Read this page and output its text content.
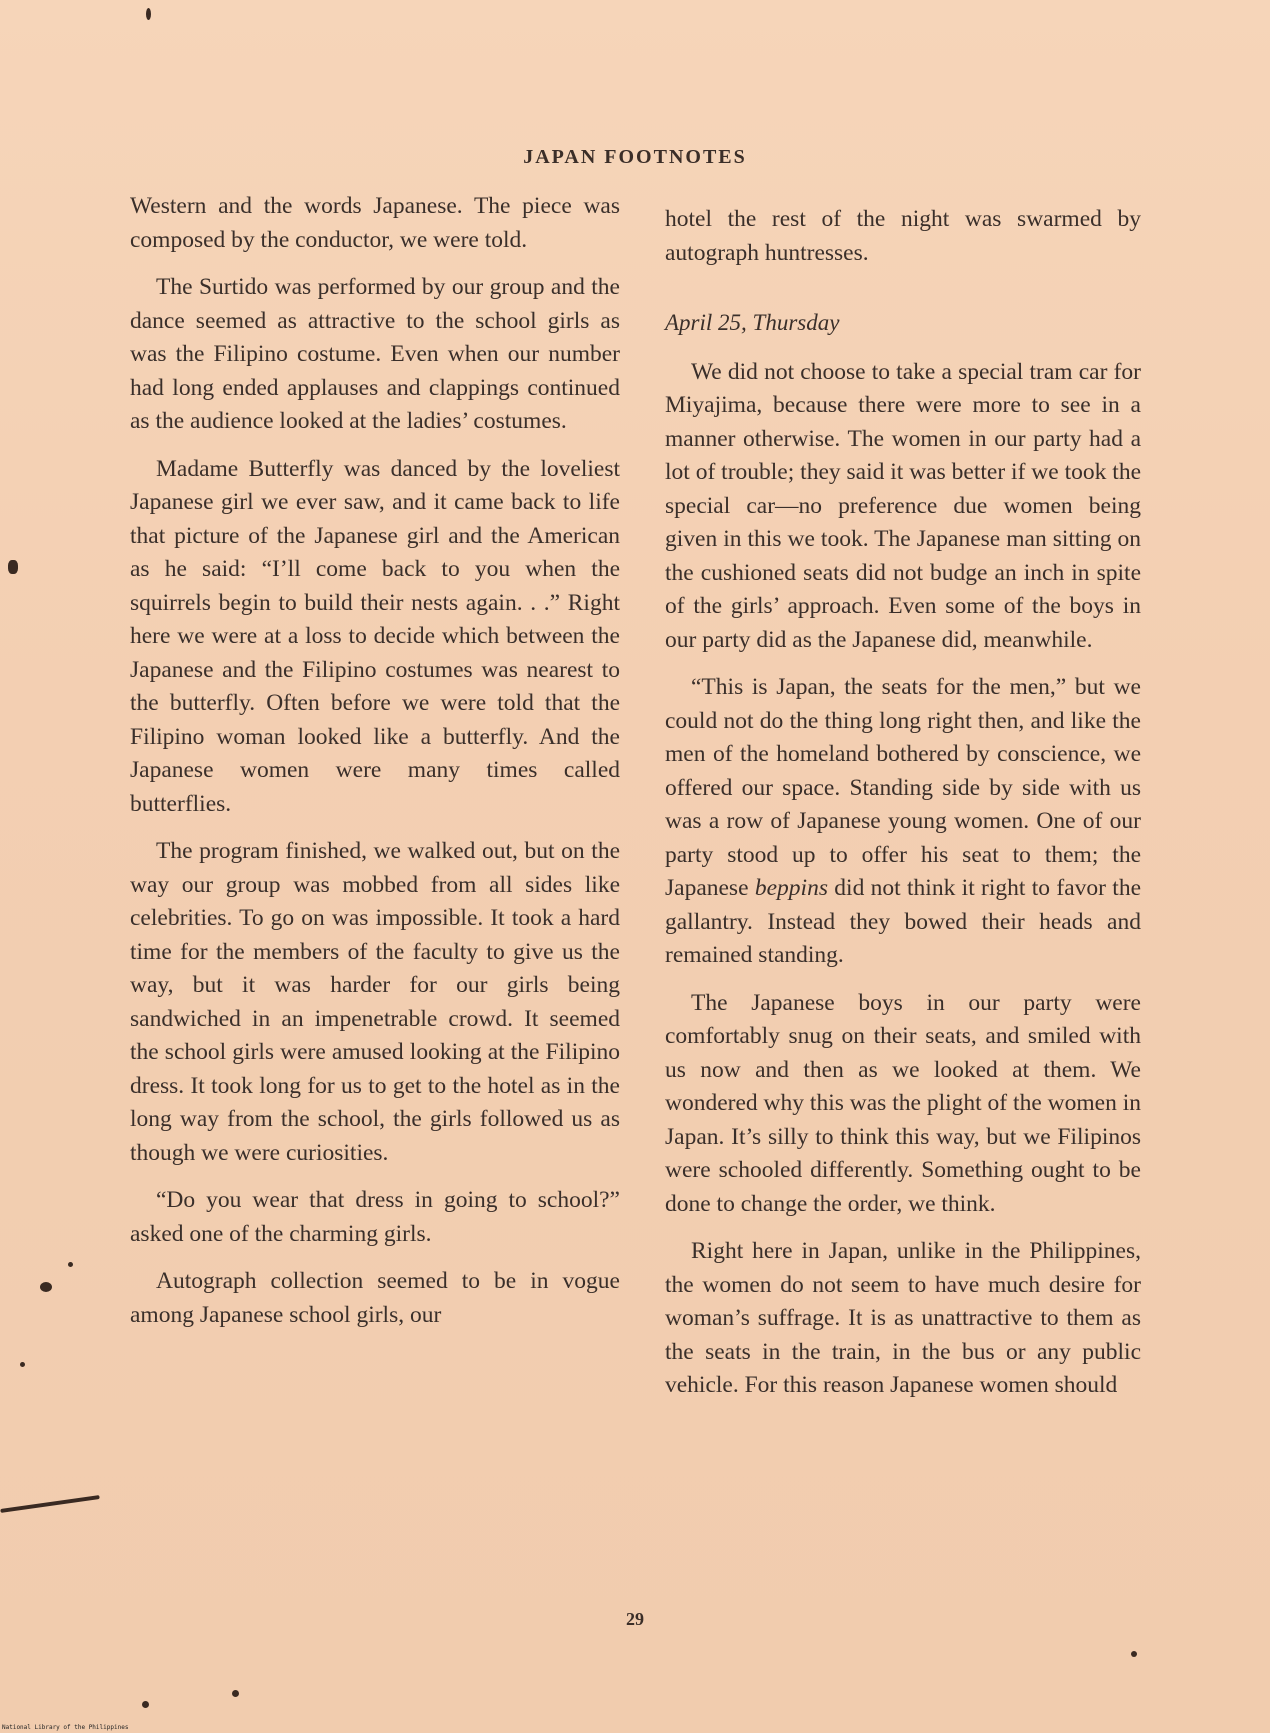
JAPAN FOOTNOTES

Western and the words Japanese. The piece was composed by the conductor, we were told.

The Surtido was performed by our group and the dance seemed as attractive to the school girls as was the Filipino costume. Even when our number had long ended applauses and clappings continued as the audience looked at the ladies’ costumes.

Madame Butterfly was danced by the loveliest Japanese girl we ever saw, and it came back to life that picture of the Japanese girl and the American as he said: “I’ll come back to you when the squirrels begin to build their nests again. . .” Right here we were at a loss to decide which between the Japanese and the Filipino costumes was nearest to the butterfly. Often before we were told that the Filipino woman looked like a butterfly. And the Japanese women were many times called butterflies.

The program finished, we walked out, but on the way our group was mobbed from all sides like celebrities. To go on was impossible. It took a hard time for the members of the faculty to give us the way, but it was harder for our girls being sandwiched in an impenetrable crowd. It seemed the school girls were amused looking at the Filipino dress. It took long for us to get to the hotel as in the long way from the school, the girls followed us as though we were curiosities.

“Do you wear that dress in going to school?” asked one of the charming girls.

Autograph collection seemed to be in vogue among Japanese school girls, our

hotel the rest of the night was swarmed by autograph huntresses.

April 25, Thursday

We did not choose to take a special tram car for Miyajima, because there were more to see in a manner otherwise. The women in our party had a lot of trouble; they said it was better if we took the special car—no preference due women being given in this we took. The Japanese man sitting on the cushioned seats did not budge an inch in spite of the girls’ approach. Even some of the boys in our party did as the Japanese did, meanwhile.

“This is Japan, the seats for the men,” but we could not do the thing long right then, and like the men of the homeland bothered by conscience, we offered our space. Standing side by side with us was a row of Japanese young women. One of our party stood up to offer his seat to them; the Japanese beppins did not think it right to favor the gallantry. Instead they bowed their heads and remained standing.

The Japanese boys in our party were comfortably snug on their seats, and smiled with us now and then as we looked at them. We wondered why this was the plight of the women in Japan. It’s silly to think this way, but we Filipinos were schooled differently. Something ought to be done to change the order, we think.

Right here in Japan, unlike in the Philippines, the women do not seem to have much desire for woman’s suffrage. It is as unattractive to them as the seats in the train, in the bus or any public vehicle. For this reason Japanese women should

29
National Library of the Philippines
